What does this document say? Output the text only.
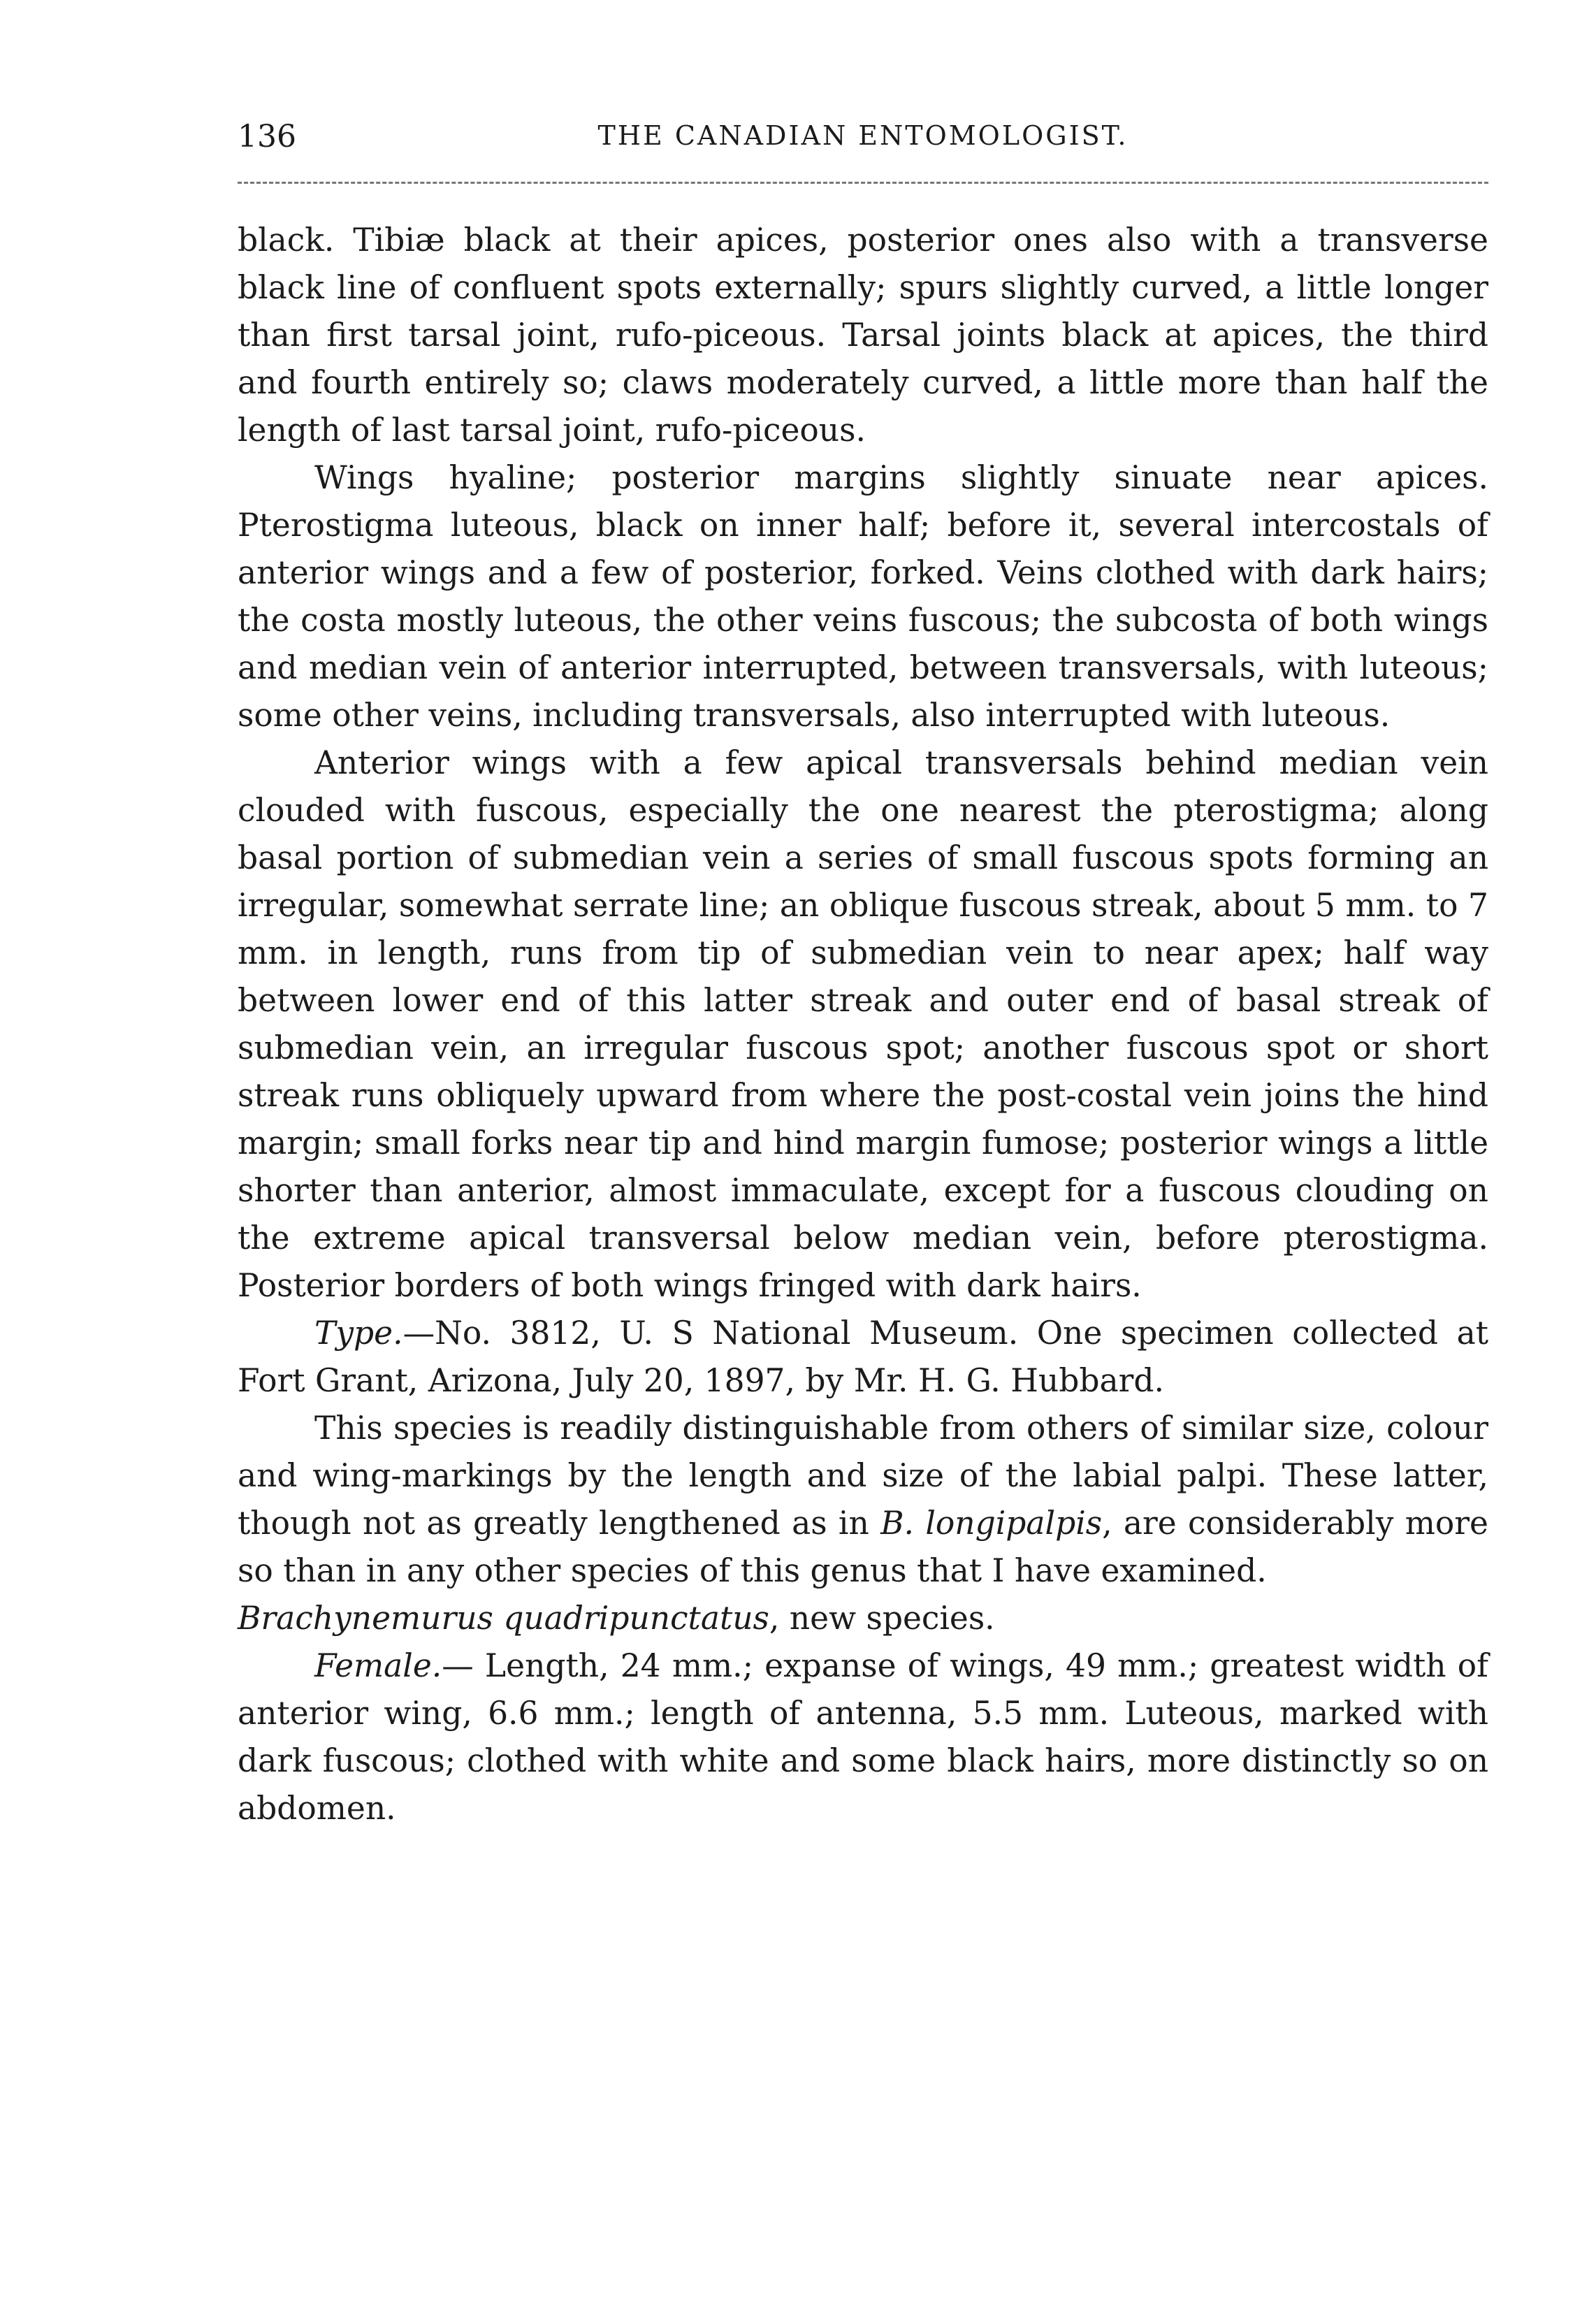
136	THE CANADIAN ENTOMOLOGIST.

black. Tibiæ black at their apices, posterior ones also with a transverse black line of confluent spots externally; spurs slightly curved, a little longer than first tarsal joint, rufo-piceous. Tarsal joints black at apices, the third and fourth entirely so; claws moderately curved, a little more than half the length of last tarsal joint, rufo-piceous.

Wings hyaline; posterior margins slightly sinuate near apices. Pterostigma luteous, black on inner half; before it, several intercostals of anterior wings and a few of posterior, forked. Veins clothed with dark hairs; the costa mostly luteous, the other veins fuscous; the subcosta of both wings and median vein of anterior interrupted, between transversals, with luteous; some other veins, including transversals, also interrupted with luteous.

Anterior wings with a few apical transversals behind median vein clouded with fuscous, especially the one nearest the pterostigma; along basal portion of submedian vein a series of small fuscous spots forming an irregular, somewhat serrate line; an oblique fuscous streak, about 5 mm. to 7 mm. in length, runs from tip of submedian vein to near apex; half way between lower end of this latter streak and outer end of basal streak of submedian vein, an irregular fuscous spot; another fuscous spot or short streak runs obliquely upward from where the post-costal vein joins the hind margin; small forks near tip and hind margin fumose; posterior wings a little shorter than anterior, almost immaculate, except for a fuscous clouding on the extreme apical transversal below median vein, before pterostigma. Posterior borders of both wings fringed with dark hairs.

Type.—No. 3812, U. S National Museum. One specimen collected at Fort Grant, Arizona, July 20, 1897, by Mr. H. G. Hubbard.

This species is readily distinguishable from others of similar size, colour and wing-markings by the length and size of the labial palpi. These latter, though not as greatly lengthened as in B. longipalpis, are considerably more so than in any other species of this genus that I have examined.

Brachynemurus quadripunctatus, new species.

Female.— Length, 24 mm.; expanse of wings, 49 mm.; greatest width of anterior wing, 6.6 mm.; length of antenna, 5.5 mm. Luteous, marked with dark fuscous; clothed with white and some black hairs, more distinctly so on abdomen.
